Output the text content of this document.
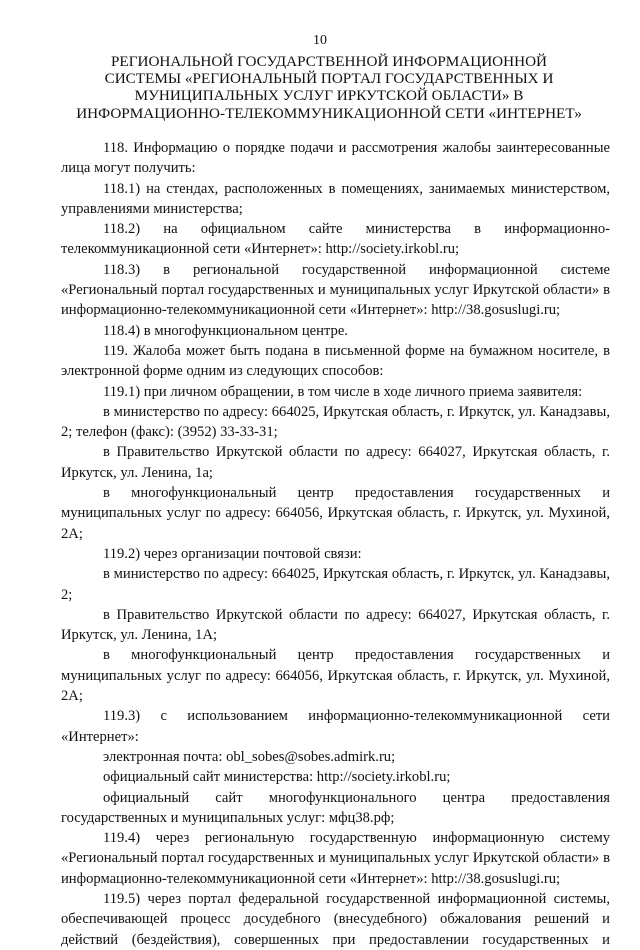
10
РЕГИОНАЛЬНОЙ ГОСУДАРСТВЕННОЙ ИНФОРМАЦИОННОЙ
СИСТЕМЫ «РЕГИОНАЛЬНЫЙ ПОРТАЛ ГОСУДАРСТВЕННЫХ И
МУНИЦИПАЛЬНЫХ УСЛУГ ИРКУТСКОЙ ОБЛАСТИ» В
ИНФОРМАЦИОННО-ТЕЛЕКОММУНИКАЦИОННОЙ СЕТИ «ИНТЕРНЕТ»

118. Информацию о порядке подачи и рассмотрения жалобы заинтересованные лица могут получить:

118.1) на стендах, расположенных в помещениях, занимаемых министерством, управлениями министерства;

118.2) на официальном сайте министерства в информационно-телекоммуникационной сети «Интернет»: http://society.irkobl.ru;

118.3) в региональной государственной информационной системе «Региональный портал государственных и муниципальных услуг Иркутской области» в информационно-телекоммуникационной сети «Интернет»: http://38.gosuslugi.ru;

118.4) в многофункциональном центре.

119. Жалоба может быть подана в письменной форме на бумажном носителе, в электронной форме одним из следующих способов:

119.1) при личном обращении, в том числе в ходе личного приема заявителя:

в министерство по адресу: 664025, Иркутская область, г. Иркутск, ул. Канадзавы, 2; телефон (факс): (3952) 33-33-31;

в Правительство Иркутской области по адресу: 664027, Иркутская область, г. Иркутск, ул. Ленина, 1а;

в многофункциональный центр предоставления государственных и муниципальных услуг по адресу: 664056, Иркутская область, г. Иркутск, ул. Мухиной, 2А;

119.2) через организации почтовой связи:

в министерство по адресу: 664025, Иркутская область, г. Иркутск, ул. Канадзавы, 2;

в Правительство Иркутской области по адресу: 664027, Иркутская область, г. Иркутск, ул. Ленина, 1А;

в многофункциональный центр предоставления государственных и муниципальных услуг по адресу: 664056, Иркутская область, г. Иркутск, ул. Мухиной, 2А;

119.3) с использованием информационно-телекоммуникационной сети «Интернет»:

электронная почта: obl_sobes@sobes.admirk.ru;

официальный сайт министерства: http://society.irkobl.ru;

официальный сайт многофункционального центра предоставления государственных и муниципальных услуг: мфц38.рф;

119.4) через региональную государственную информационную систему «Региональный портал государственных и муниципальных услуг Иркутской области» в информационно-телекоммуникационной сети «Интернет»: http://38.gosuslugi.ru;

119.5) через портал федеральной государственной информационной системы, обеспечивающей процесс досудебного (внесудебного) обжалования решений и действий (бездействия), совершенных при предоставлении государственных и
